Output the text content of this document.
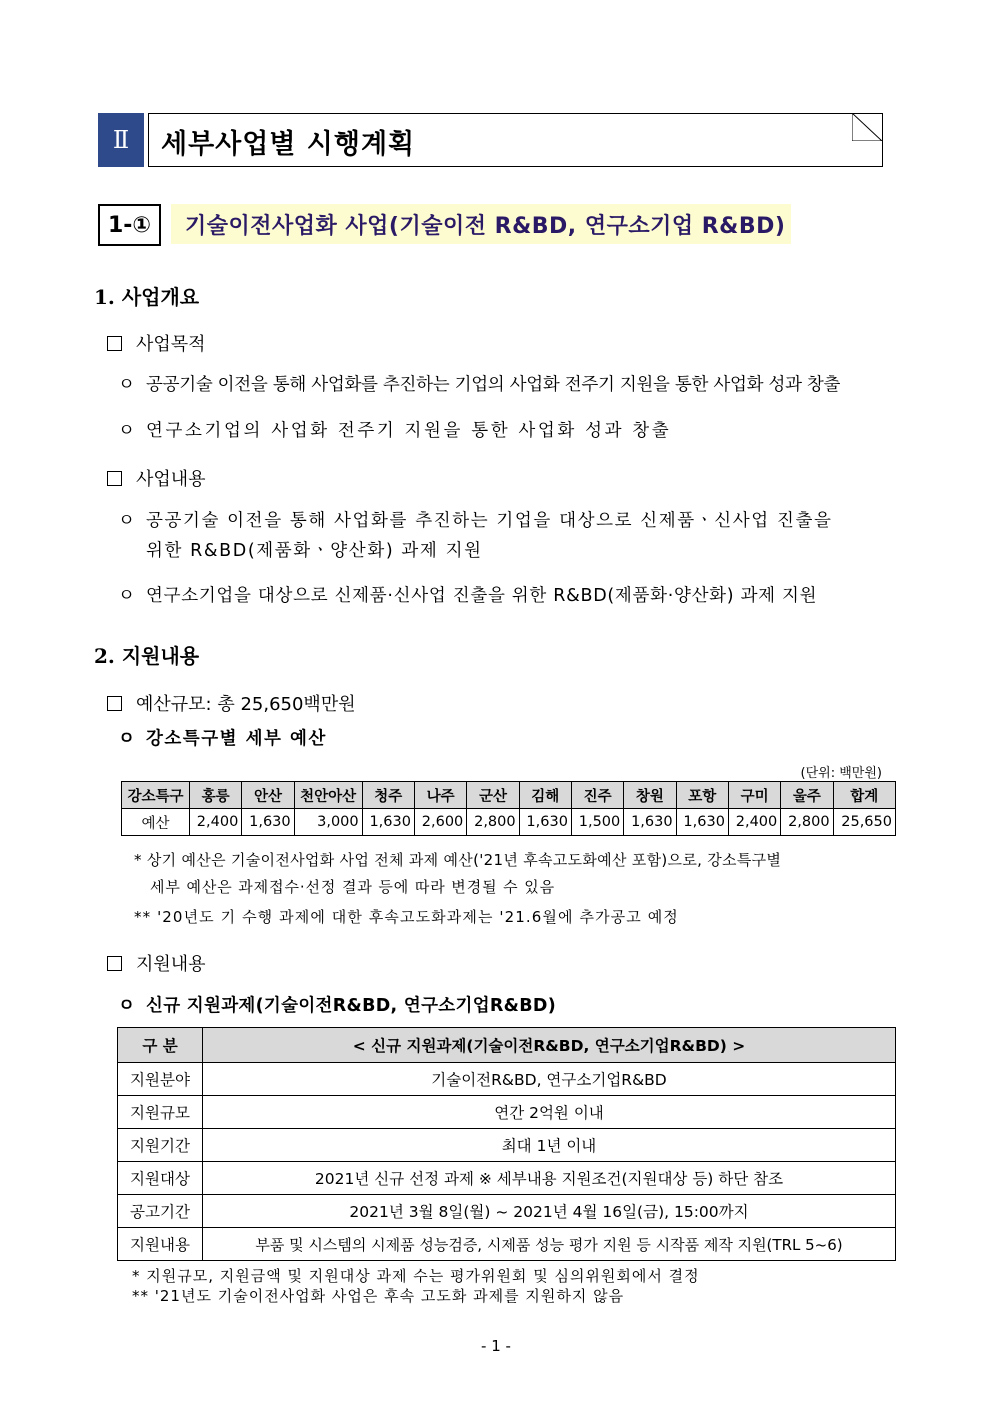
Ⅱ	세부사업별 시행계획
1-①	기술이전사업화 사업(기술이전 R&BD, 연구소기업 R&BD)
1. 사업개요
사업목적
ㅇ 공공기술 이전을 통해 사업화를 추진하는 기업의 사업화 전주기 지원을 통한 사업화 성과 창출
ㅇ 연구소기업의 사업화 전주기 지원을 통한 사업화 성과 창출
사업내용
ㅇ 공공기술 이전을 통해 사업화를 추진하는 기업을 대상으로 신제품ㆍ신사업 진출을
위한 R&BD(제품화ㆍ양산화) 과제 지원
ㅇ 연구소기업을 대상으로 신제품·신사업 진출을 위한 R&BD(제품화·양산화) 과제 지원
2. 지원내용
예산규모: 총 25,650백만원
ㅇ 강소특구별 세부 예산
(단위: 백만원)
강소특구	홍릉	안산	천안아산	청주	나주	군산	김해	진주	창원	포항	구미	울주	합계
예산	2,400	1,630	3,000	1,630	2,600	2,800	1,630	1,500	1,630	1,630	2,400	2,800	25,650
* 상기 예산은 기술이전사업화 사업 전체 과제 예산('21년 후속고도화예산 포함)으로, 강소특구별
세부 예산은 과제접수·선정 결과 등에 따라 변경될 수 있음
** '20년도 기 수행 과제에 대한 후속고도화과제는 '21.6월에 추가공고 예정
지원내용
ㅇ 신규 지원과제(기술이전R&BD, 연구소기업R&BD)
구 분	< 신규 지원과제(기술이전R&BD, 연구소기업R&BD) >
지원분야	기술이전R&BD, 연구소기업R&BD
지원규모	연간 2억원 이내
지원기간	최대 1년 이내
지원대상	2021년 신규 선정 과제 ※ 세부내용 지원조건(지원대상 등) 하단 참조
공고기간	2021년 3월 8일(월) ~ 2021년 4월 16일(금), 15:00까지
지원내용	부품 및 시스템의 시제품 성능검증, 시제품 성능 평가 지원 등 시작품 제작 지원(TRL 5~6)
* 지원규모, 지원금액 및 지원대상 과제 수는 평가위원회 및 심의위원회에서 결정
** '21년도 기술이전사업화 사업은 후속 고도화 과제를 지원하지 않음
- 1 -
